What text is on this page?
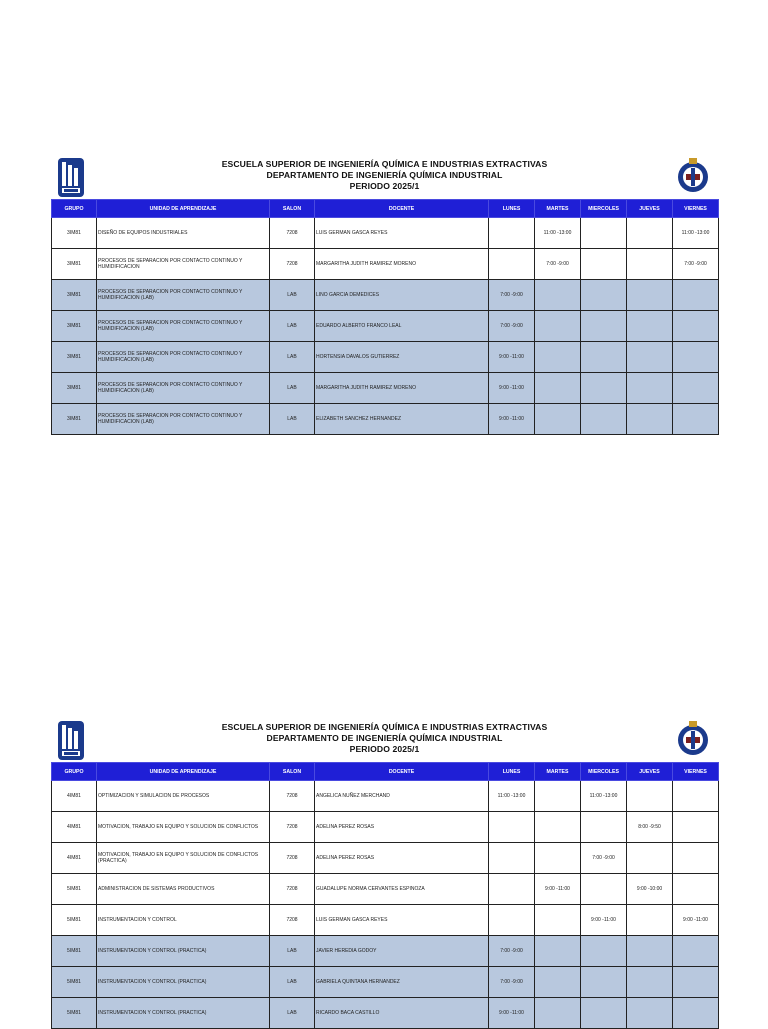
ESCUELA SUPERIOR DE INGENIERÍA QUÍMICA E INDUSTRIAS EXTRACTIVAS
DEPARTAMENTO DE INGENIERÍA QUÍMICA INDUSTRIAL
PERIODO 2025/1
GRUPO	UNIDAD DE APRENDIZAJE	SALON	DOCENTE	LUNES	MARTES	MIERCOLES	JUEVES	VIERNES
3IM81	DISEÑO DE EQUIPOS INDUSTRIALES	7208	LUIS GERMAN GASCA REYES		11:00 -13:00			11:00 -13:00
3IM81	PROCESOS DE SEPARACION POR CONTACTO CONTINUO Y HUMIDIFICACION	7208	MARGARITHA JUDITH RAMIREZ MORENO		7:00 -9:00			7:00 -9:00
3IM81	PROCESOS DE SEPARACION POR CONTACTO CONTINUO Y HUMIDIFICACION (LAB)	LAB	LINO GARCIA DEMEDICES	7:00 -9:00				
3IM81	PROCESOS DE SEPARACION POR CONTACTO CONTINUO Y HUMIDIFICACION (LAB)	LAB	EDUARDO ALBERTO FRANCO LEAL	7:00 -9:00				
3IM81	PROCESOS DE SEPARACION POR CONTACTO CONTINUO Y HUMIDIFICACION (LAB)	LAB	HORTENSIA DAVALOS GUTIERREZ	9:00 -11:00				
3IM81	PROCESOS DE SEPARACION POR CONTACTO CONTINUO Y HUMIDIFICACION (LAB)	LAB	MARGARITHA JUDITH RAMIREZ MORENO	9:00 -11:00				
3IM81	PROCESOS DE SEPARACION POR CONTACTO CONTINUO Y HUMIDIFICACION (LAB)	LAB	ELIZABETH SANCHEZ HERNANDEZ	9:00 -11:00				
ESCUELA SUPERIOR DE INGENIERÍA QUÍMICA E INDUSTRIAS EXTRACTIVAS
DEPARTAMENTO DE INGENIERÍA QUÍMICA INDUSTRIAL
PERIODO 2025/1
GRUPO	UNIDAD DE APRENDIZAJE	SALON	DOCENTE	LUNES	MARTES	MIERCOLES	JUEVES	VIERNES
4IM81	OPTIMIZACION Y SIMULACION DE PROCESOS	7208	ANGELICA NUÑEZ MERCHAND	11:00 -13:00		11:00 -13:00		
4IM81	MOTIVACION, TRABAJO EN EQUIPO Y SOLUCION DE CONFLICTOS	7208	ADELINA PEREZ ROSAS				8:00 -9:50	
4IM81	MOTIVACION, TRABAJO EN EQUIPO Y SOLUCION DE CONFLICTOS (PRACTICA)	7208	ADELINA PEREZ ROSAS			7:00 -9:00		
5IM81	ADMINISTRACION DE SISTEMAS PRODUCTIVOS	7208	GUADALUPE NORMA CERVANTES ESPINOZA		9:00 -11:00		9:00 -10:00	
5IM81	INSTRUMENTACION Y CONTROL	7208	LUIS GERMAN GASCA REYES			9:00 -11:00		9:00 -11:00
5IM81	INSTRUMENTACION Y CONTROL (PRACTICA)	LAB	JAVIER HEREDIA GODOY	7:00 -9:00				
5IM81	INSTRUMENTACION Y CONTROL (PRACTICA)	LAB	GABRIELA QUINTANA HERNANDEZ	7:00 -9:00				
5IM81	INSTRUMENTACION Y CONTROL (PRACTICA)	LAB	RICARDO BACA CASTILLO	9:00 -11:00				
